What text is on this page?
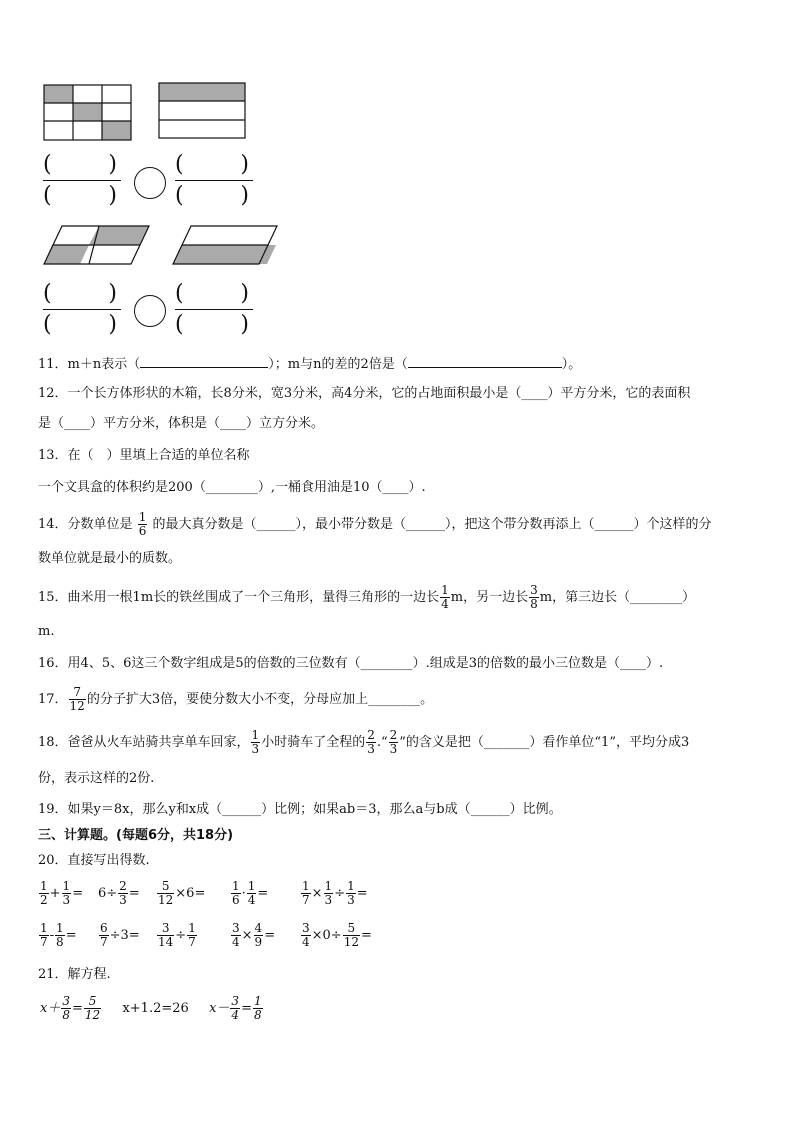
(	)
(	)
(	)
(	)
(	)
(	)
(	)
(	)
11．m＋n表示（	）；m与n的差的2倍是（	）。
12．一个长方体形状的木箱，长8分米，宽3分米，高4分米，它的占地面积最小是（____）平方分米，它的表面积
是（____）平方分米，体积是（____）立方分米。
13．在（　）里填上合适的单位名称
一个文具盒的体积约是200（________）,一桶食用油是10（____）.
14．分数单位是 $\frac{1}{6}$ 的最大真分数是（______），最小带分数是（______），把这个带分数再添上（______）个这样的分
数单位就是最小的质数。
15．曲米用一根1m长的铁丝围成了一个三角形，量得三角形的一边长 $\frac{1}{4}$ m，另一边长 $\frac{3}{8}$ m，第三边长（________）
m.
16．用4、5、6这三个数字组成是5的倍数的三位数有（________）.组成是3的倍数的最小三位数是（____）.
17． $\frac{7}{12}$ 的分子扩大3倍，要使分数大小不变，分母应加上________。
18．爸爸从火车站骑共享单车回家， $\frac{1}{3}$ 小时骑车了全程的 $\frac{2}{3}$ .“ $\frac{2}{3}$ ”的含义是把（_______）看作单位“1”，平均分成3
份，表示这样的2份.
19．如果y＝8x，那么y和x成（______）比例；如果ab＝3，那么a与b成（______）比例。
三、计算题。(每题6分，共18分)
20．直接写出得数.
$\frac{1}{2} + \frac{1}{3} = 6\div \frac{2}{3} = \frac{5}{12} \times 6= \frac{1}{6} \cdot \frac{1}{4}$ =	$\frac{1}{7} \times \frac{1}{3} \div \frac{1}{3}$ =
$\frac{1}{7} - \frac{1}{8} = \frac{6}{7} \div 3= \frac{3}{14} \div \frac{1}{7}$	$\frac{3}{4} \times \frac{4}{9} = \frac{3}{4} \times 0\div \frac{5}{12}$ =
21．解方程.
$x+ \frac{3}{8} = \frac{5}{12} x+1.2=26$ $x- \frac{3}{4} = \frac{1}{8}$
